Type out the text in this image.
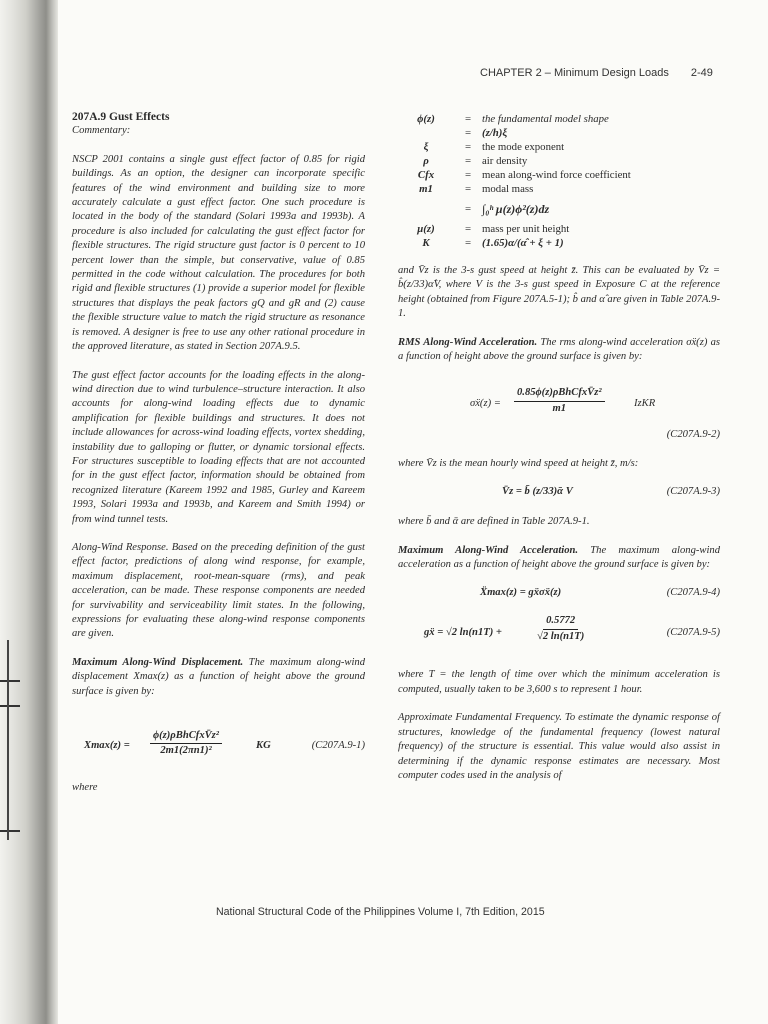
CHAPTER 2 – Minimum Design Loads 2-49

207A.9 Gust Effects

Commentary:

NSCP 2001 contains a single gust effect factor of 0.85 for rigid buildings. As an option, the designer can incorporate specific features of the wind environment and building size to more accurately calculate a gust effect factor. One such procedure is located in the body of the standard (Solari 1993a and 1993b). A procedure is also included for calculating the gust effect factor for flexible structures. The rigid structure gust factor is 0 percent to 10 percent lower than the simple, but conservative, value of 0.85 permitted in the code without calculation. The procedures for both rigid and flexible structures (1) provide a superior model for flexible structures that displays the peak factors gQ and gR and (2) cause the flexible structure value to match the rigid structure as resonance is removed. A designer is free to use any other rational procedure in the approved literature, as stated in Section 207A.9.5.

The gust effect factor accounts for the loading effects in the along-wind direction due to wind turbulence–structure interaction. It also accounts for along-wind loading effects due to dynamic amplification for flexible buildings and structures. It does not include allowances for across-wind loading effects, vortex shedding, instability due to galloping or flutter, or dynamic torsional effects. For structures susceptible to loading effects that are not accounted for in the gust effect factor, information should be obtained from recognized literature (Kareem 1992 and 1985, Gurley and Kareem 1993, Solari 1993a and 1993b, and Kareem and Smith 1994) or from wind tunnel tests.

Along-Wind Response. Based on the preceding definition of the gust effect factor, predictions of along wind response, for example, maximum displacement, root-mean-square (rms), and peak acceleration, can be made. These response components are needed for survivability and serviceability limit states. In the following, expressions for evaluating these along-wind response components are given.

Maximum Along-Wind Displacement. The maximum along-wind displacement Xmax(z) as a function of height above the ground surface is given by:

Xmax(z) =
ϕ(z)ρBhCfxV̄z²
2m1(2πn1)²	KG	(C207A.9-1)

where

ϕ(z)	=	the fundamental model shape
=	(z/h)ξ
ξ	=	the mode exponent
ρ	=	air density
Cfx	=	mean along-wind force coefficient
m1	=	modal mass
= ∫₀ʰ μ(z)ϕ²(z)dz
μ(z)	=	mass per unit height
K	=	(1.65)α/(α̂ + ξ + 1)

and V̄z is the 3-s gust speed at height z̄. This can be evaluated by V̄z = b̂(z/33)α̂V, where V is the 3-s gust speed in Exposure C at the reference height (obtained from Figure 207A.5-1); b̂ and α̂ are given in Table 207A.9-1.

RMS Along-Wind Acceleration. The rms along-wind acceleration σẍ(z) as a function of height above the ground surface is given by:

σẍ(z) =
0.85ϕ(z)ρBhCfxV̄z²
m1	IzKR
(C207A.9-2)

where V̄z is the mean hourly wind speed at height z̄, m/s:

V̄z = b̄ (z/33)ᾱ V	(C207A.9-3)

where b̄ and ᾱ are defined in Table 207A.9-1.

Maximum Along-Wind Acceleration. The maximum along-wind acceleration as a function of height above the ground surface is given by:

Ẍmax(z) = gẍσẍ(z)	(C207A.9-4)
gẍ = √2 ln(n1T) +	$\frac{0.5772}{√2 \ln(n1T)}$	(C207A.9-5)

where T = the length of time over which the minimum acceleration is computed, usually taken to be 3,600 s to represent 1 hour.

Approximate Fundamental Frequency. To estimate the dynamic response of structures, knowledge of the fundamental frequency (lowest natural frequency) of the structure is essential. This value would also assist in determining if the dynamic response estimates are necessary. Most computer codes used in the analysis of

National Structural Code of the Philippines Volume I, 7th Edition, 2015
